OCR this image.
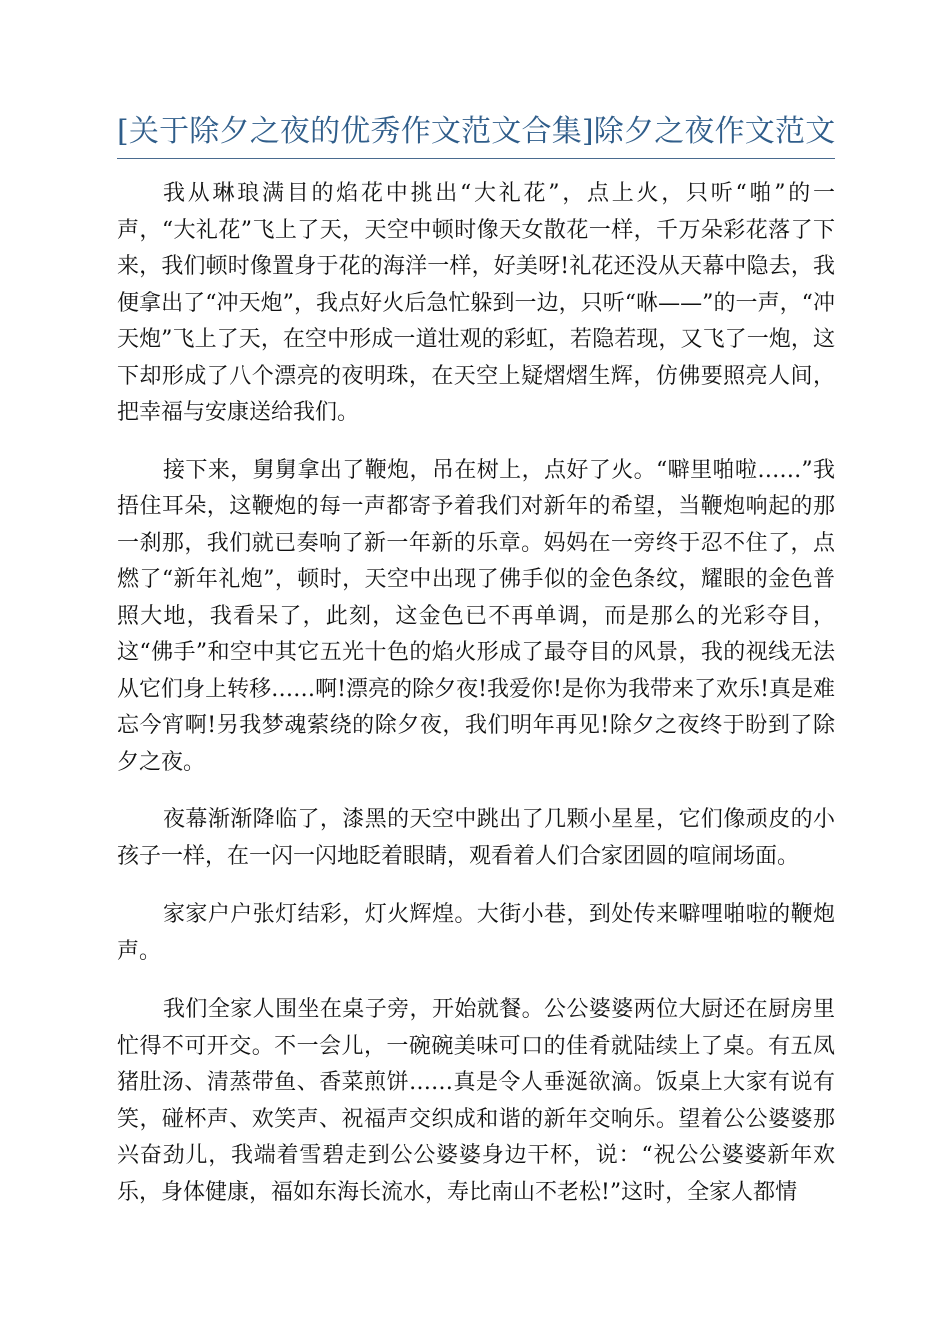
[关于除夕之夜的优秀作文范文合集]除夕之夜作文范文

我从琳琅满目的焰花中挑出“大礼花”，点上火，只听“啪”的一声，“大礼花”飞上了天，天空中顿时像天女散花一样，千万朵彩花落了下来，我们顿时像置身于花的海洋一样，好美呀!礼花还没从天幕中隐去，我便拿出了“冲天炮”，我点好火后急忙躲到一边，只听“咻——”的一声，“冲天炮”飞上了天，在空中形成一道壮观的彩虹，若隐若现，又飞了一炮，这下却形成了八个漂亮的夜明珠，在天空上疑熠熠生辉，仿佛要照亮人间，把幸福与安康送给我们。

接下来，舅舅拿出了鞭炮，吊在树上，点好了火。“噼里啪啦……”我捂住耳朵，这鞭炮的每一声都寄予着我们对新年的希望，当鞭炮响起的那一刹那，我们就已奏响了新一年新的乐章。妈妈在一旁终于忍不住了，点燃了“新年礼炮”，顿时，天空中出现了佛手似的金色条纹，耀眼的金色普照大地，我看呆了，此刻，这金色已不再单调，而是那么的光彩夺目，这“佛手”和空中其它五光十色的焰火形成了最夺目的风景，我的视线无法从它们身上转移……啊!漂亮的除夕夜!我爱你!是你为我带来了欢乐!真是难忘今宵啊!另我梦魂萦绕的除夕夜，我们明年再见!除夕之夜终于盼到了除夕之夜。

夜幕渐渐降临了，漆黑的天空中跳出了几颗小星星，它们像顽皮的小孩子一样，在一闪一闪地眨着眼睛，观看着人们合家团圆的喧闹场面。

家家户户张灯结彩，灯火辉煌。大街小巷，到处传来噼哩啪啦的鞭炮声。

我们全家人围坐在桌子旁，开始就餐。公公婆婆两位大厨还在厨房里忙得不可开交。不一会儿，一碗碗美味可口的佳肴就陆续上了桌。有五凤猪肚汤、清蒸带鱼、香菜煎饼……真是令人垂涎欲滴。饭桌上大家有说有笑，碰杯声、欢笑声、祝福声交织成和谐的新年交响乐。望着公公婆婆那兴奋劲儿，我端着雪碧走到公公婆婆身边干杯，说：“祝公公婆婆新年欢乐，身体健康，福如东海长流水，寿比南山不老松!”这时，全家人都情
